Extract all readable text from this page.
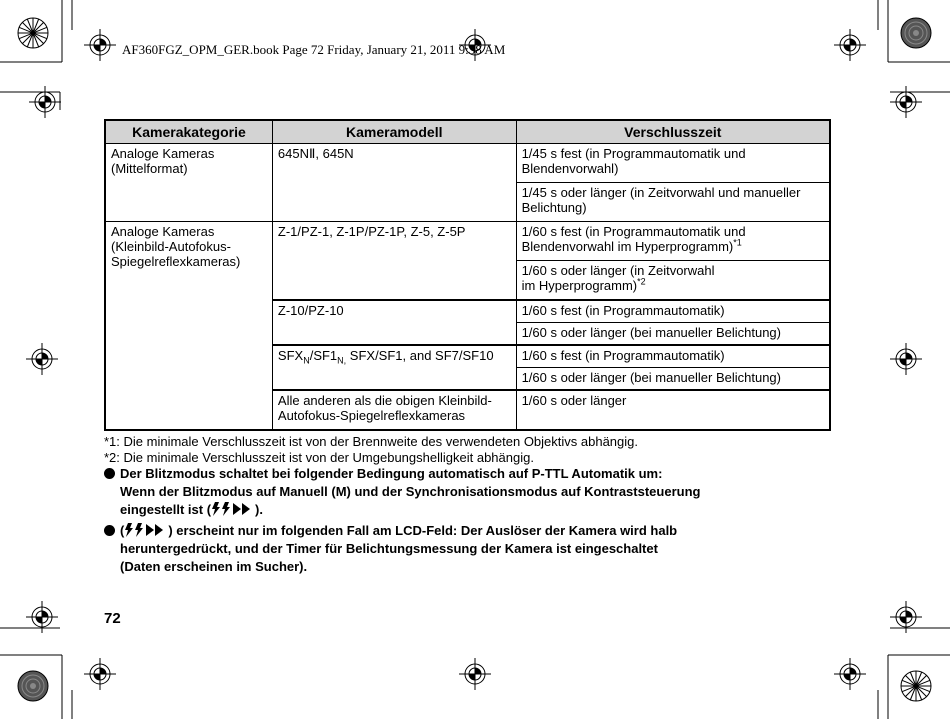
AF360FGZ_OPM_GER.book Page 72 Friday, January 21, 2011 9:38 AM
Kamerakategorie	Kameramodell	Verschlusszeit
Analoge Kameras
(Mittelformat)	645NⅡ, 645N	1/45 s fest (in Programmautomatik und
Blendenvorwahl)
		1/45 s oder länger (in Zeitvorwahl und manueller
Belichtung)
Analoge Kameras
(Kleinbild-Autofokus-
Spiegelreflexkameras)	Z-1/PZ-1, Z-1P/PZ-1P, Z-5, Z-5P	1/60 s fest (in Programmautomatik und
Blendenvorwahl im Hyperprogramm)$^{*1}$
		1/60 s oder länger (in Zeitvorwahl
im Hyperprogramm)$^{*2}$
	Z-10/PZ-10	1/60 s fest (in Programmautomatik)
		1/60 s oder länger (bei manueller Belichtung)
	$SFX_N/SF1_{N,}$ SFX/SF1, and SF7/SF10	1/60 s fest (in Programmautomatik)
		1/60 s oder länger (bei manueller Belichtung)
	Alle anderen als die obigen Kleinbild-
Autofokus-Spiegelreflexkameras	1/60 s oder länger
*1: Die minimale Verschlusszeit ist von der Brennweite des verwendeten Objektivs abhängig.
*2: Die minimale Verschlusszeit ist von der Umgebungshelligkeit abhängig.
Der Blitzmodus schaltet bei folgender Bedingung automatisch auf P-TTL Automatik um:
Wenn der Blitzmodus auf Manuell (M) und der Synchronisationsmodus auf Kontraststeuerung
eingestellt ist (	).
(	) erscheint nur im folgenden Fall am LCD-Feld: Der Auslöser der Kamera wird halb
heruntergedrückt, und der Timer für Belichtungsmessung der Kamera ist eingeschaltet
(Daten erscheinen im Sucher).
72
